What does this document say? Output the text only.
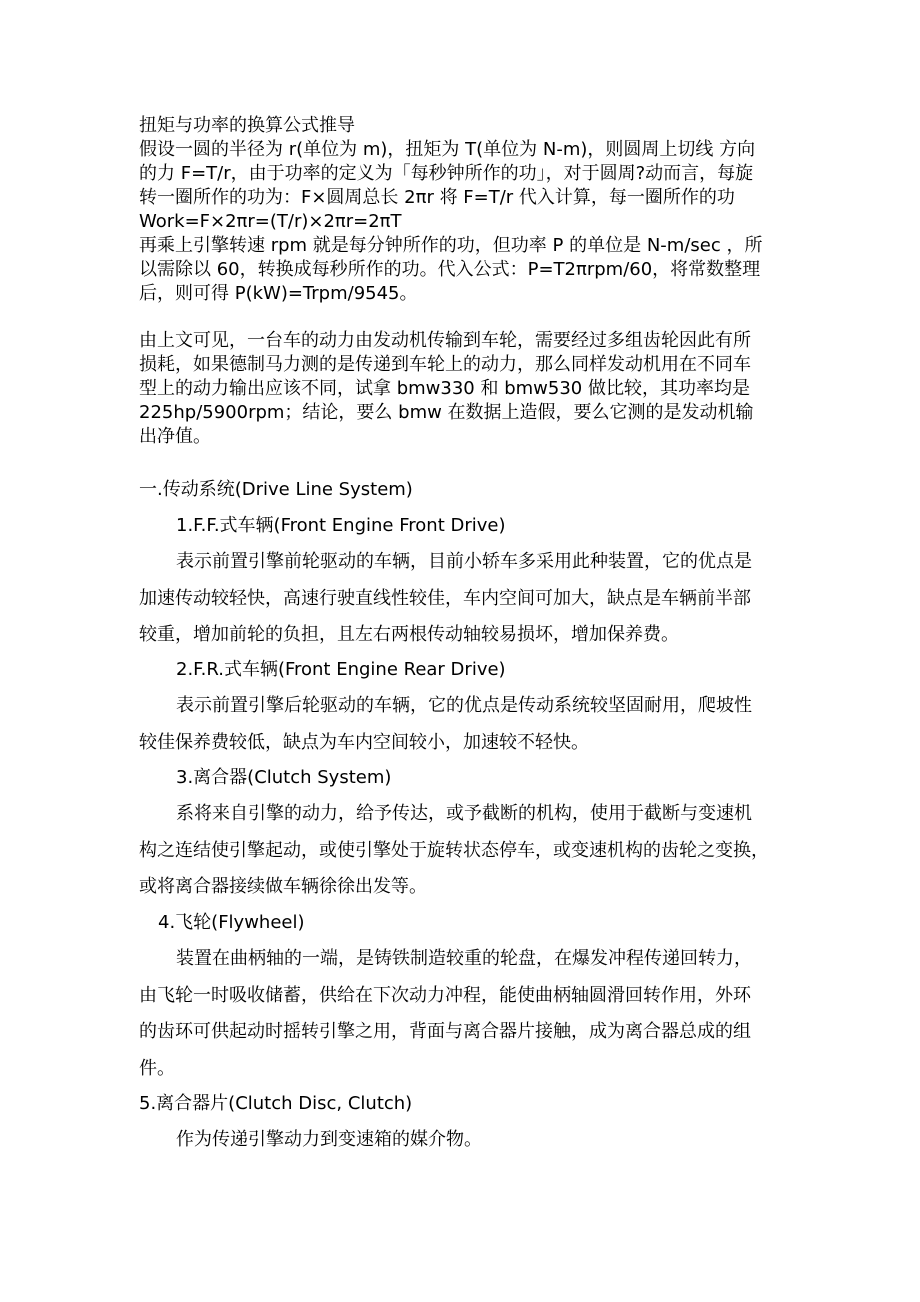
扭矩与功率的换算公式推导
假设一圆的半径为 r(单位为 m)，扭矩为 T(单位为 N-m)，则圆周上切线 方向
的力 F=T/r，由于功率的定义为「每秒钟所作的功」，对于圆周?动而言，每旋
转一圈所作的功为：F×圆周总长 2πr 将 F=T/r 代入计算，每一圈所作的功
Work=F×2πr=(T/r)×2πr=2πT
再乘上引擎转速 rpm 就是每分钟所作的功，但功率 P 的单位是 N-m/sec ，所
以需除以 60，转换成每秒所作的功。代入公式：P=T2πrpm/60，将常数整理
后，则可得 P(kW)=Trpm/9545。
由上文可见，一台车的动力由发动机传输到车轮，需要经过多组齿轮因此有所
损耗，如果德制马力测的是传递到车轮上的动力，那么同样发动机用在不同车
型上的动力输出应该不同，试拿 bmw330 和 bmw530 做比较，其功率均是
225hp/5900rpm；结论，要么 bmw 在数据上造假，要么它测的是发动机输
出净值。
一.传动系统(Drive Line System)
1.F.F.式车辆(Front Engine Front Drive)
表示前置引擎前轮驱动的车辆，目前小轿车多采用此种装置，它的优点是
加速传动较轻快，高速行驶直线性较佳，车内空间可加大，缺点是车辆前半部
较重，增加前轮的负担，且左右两根传动轴较易损坏，增加保养费。
2.F.R.式车辆(Front Engine Rear Drive)
表示前置引擎后轮驱动的车辆，它的优点是传动系统较坚固耐用，爬坡性
较佳保养费较低，缺点为车内空间较小，加速较不轻快。
3.离合器(Clutch System)
系将来自引擎的动力，给予传达，或予截断的机构，使用于截断与变速机
构之连结使引擎起动，或使引擎处于旋转状态停车，或变速机构的齿轮之变换，
或将离合器接续做车辆徐徐出发等。
4.飞轮(Flywheel)
装置在曲柄轴的一端，是铸铁制造较重的轮盘，在爆发冲程传递回转力，
由飞轮一时吸收储蓄，供给在下次动力冲程，能使曲柄轴圆滑回转作用，外环
的齿环可供起动时摇转引擎之用，背面与离合器片接触，成为离合器总成的组
件。
5.离合器片(Clutch Disc, Clutch)
作为传递引擎动力到变速箱的媒介物。
